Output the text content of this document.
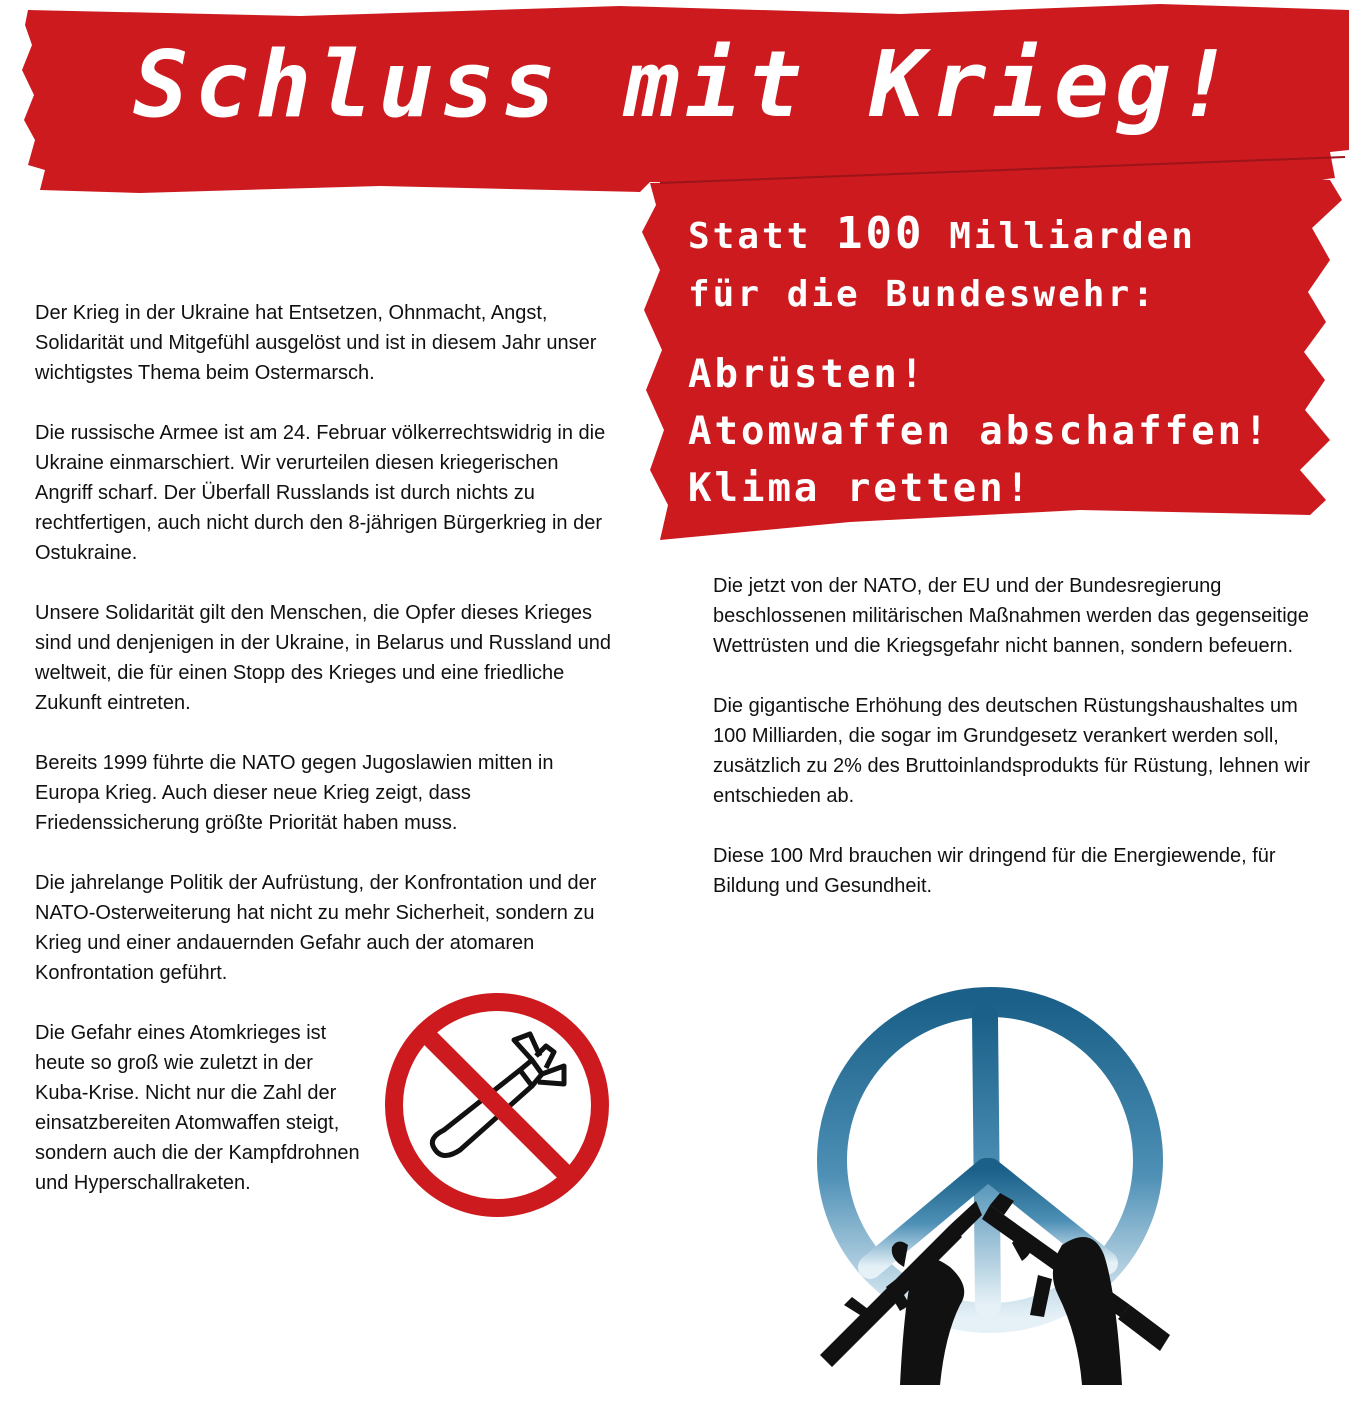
Schluss mit Krieg!
Statt 100 Milliarden
für die Bundeswehr:
Abrüsten!
Atomwaffen abschaffen!
Klima retten!

Der Krieg in der Ukraine hat Entsetzen, Ohnmacht, Angst, Solidarität und Mitgefühl ausgelöst und ist in diesem Jahr unser wichtigstes Thema beim Ostermarsch.

Die russische Armee ist am 24. Februar völkerrechtswidrig in die Ukraine einmarschiert. Wir verurteilen diesen kriegerischen Angriff scharf. Der Überfall Russlands ist durch nichts zu rechtfertigen, auch nicht durch den 8-jährigen Bürgerkrieg in der Ostukraine.

Unsere Solidarität gilt den Menschen, die Opfer dieses Krieges sind und denjenigen in der Ukraine, in Belarus und Russland und weltweit, die für einen Stopp des Krieges und eine friedliche Zukunft eintreten.

Bereits 1999 führte die NATO gegen Jugoslawien mitten in Europa Krieg. Auch dieser neue Krieg zeigt, dass Friedenssicherung größte Priorität haben muss.

Die jahrelange Politik der Aufrüstung, der Konfrontation und der NATO-Osterweiterung hat nicht zu mehr Sicherheit, sondern zu Krieg und einer andauernden Gefahr auch der atomaren Konfrontation geführt.

Die Gefahr eines Atomkrieges ist heute so groß wie zuletzt in der Kuba-Krise. Nicht nur die Zahl der einsatzbereiten Atomwaffen steigt, sondern auch die der Kampfdrohnen und Hyperschallraketen.

Die jetzt von der NATO, der EU und der Bundesregierung beschlossenen militärischen Maßnahmen werden das gegenseitige Wettrüsten und die Kriegsgefahr nicht bannen, sondern befeuern.

Die gigantische Erhöhung des deutschen Rüstungshaushaltes um 100 Milliarden, die sogar im Grundgesetz verankert werden soll, zusätzlich zu 2% des Bruttoinlandsprodukts für Rüstung, lehnen wir entschieden ab.

Diese 100 Mrd brauchen wir dringend für die Energiewende, für Bildung und Gesundheit.
